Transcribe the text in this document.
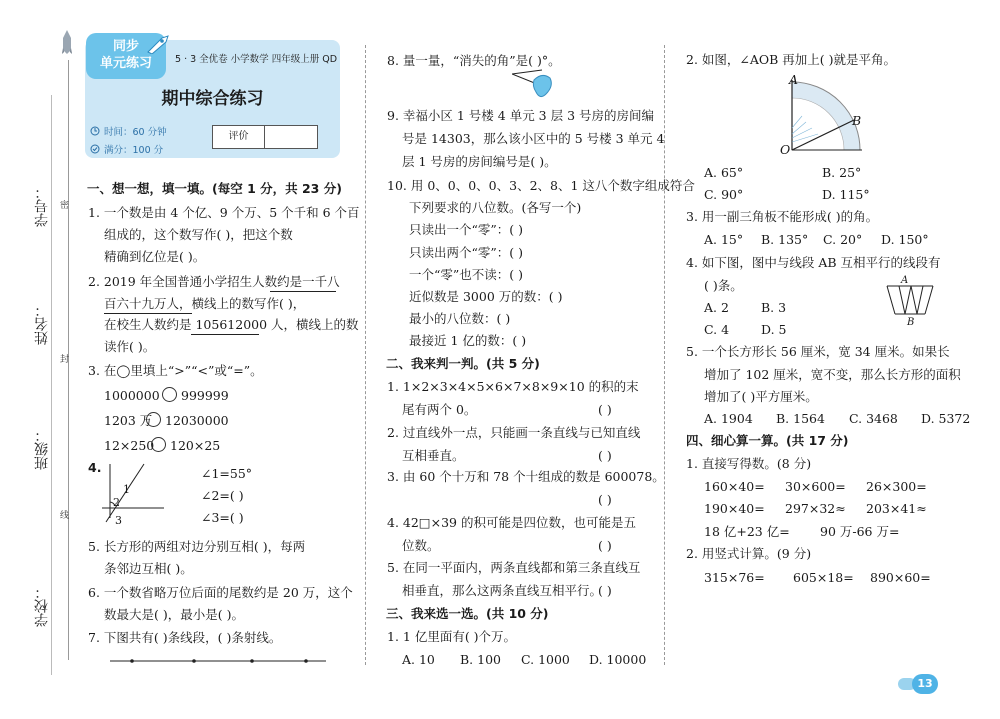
学号：
姓名：
班级：
学校：
密
封
线
同步
单元练习	5 · 3 全优卷 小学数学 四年级上册 QD
期中综合练习
时间：60 分钟
满分：100 分
评价
一、想一想，填一填。(每空 1 分，共 23 分)
1. 一个数是由 4 个亿、9 个万、5 个千和 6 个百
组成的，这个数写作( )，把这个数
精确到亿位是( )。
2. 2019 年全国普通小学招生人数约是一千八
百六十九万人，横线上的数写作( )，
在校生人数约是 105612000 人，横线上的数
读作( )。
3. 在◯里填上“>”“<”或“=”。
1000000 999999
1203 万 12030000
12×250 120×25
4.
1
2
3
∠1=55°
∠2=( )
∠3=( )
5. 长方形的两组对边分别互相( )，每两
条邻边互相( )。
6. 一个数省略万位后面的尾数约是 20 万，这个
数最大是( )，最小是( )。
7. 下图共有( )条线段，( )条射线。
8. 量一量，“消失的角”是( )°。
9. 幸福小区 1 号楼 4 单元 3 层 3 号房的房间编
号是 14303，那么该小区中的 5 号楼 3 单元 4
层 1 号房的房间编号是( )。
10. 用 0、0、0、0、3、2、8、1 这八个数字组成符合
下列要求的八位数。(各写一个)
只读出一个“零”：( )
只读出两个“零”：( )
一个“零”也不读：( )
近似数是 3000 万的数：( )
最小的八位数：( )
最接近 1 亿的数：( )
二、我来判一判。(共 5 分)
1. 1×2×3×4×5×6×7×8×9×10 的积的末
尾有两个 0。	( )
2. 过直线外一点，只能画一条直线与已知直线
互相垂直。	( )
3. 由 60 个十万和 78 个十组成的数是 600078。
( )
4. 42□×39 的积可能是四位数，也可能是五
位数。	( )
5. 在同一平面内，两条直线都和第三条直线互
相垂直，那么这两条直线互相平行。
( )
三、我来选一选。(共 10 分)
1. 1 亿里面有( )个万。
A. 10 B. 100 C. 1000 D. 10000
2. 如图，∠AOB 再加上( )就是平角。
A
B
O
A. 65°	B. 25°
C. 90°	D. 115°
3. 用一副三角板不能形成( )的角。
A. 15° B. 135° C. 20° D. 150°
4. 如下图，图中与线段 AB 互相平行的线段有
( )条。	A
B
A. 2	B. 3
C. 4	D. 5
5. 一个长方形长 56 厘米，宽 34 厘米。如果长
增加了 102 厘米，宽不变，那么长方形的面积
增加了( )平方厘米。
A. 1904 B. 1564 C. 3468 D. 5372
四、细心算一算。(共 17 分)
1. 直接写得数。(8 分)
160×40= 30×600= 26×300=
190×40= 297×32≈ 203×41≈
18 亿+23 亿= 90 万-66 万=
2. 用竖式计算。(9 分)
315×76= 605×18= 890×60=
13
